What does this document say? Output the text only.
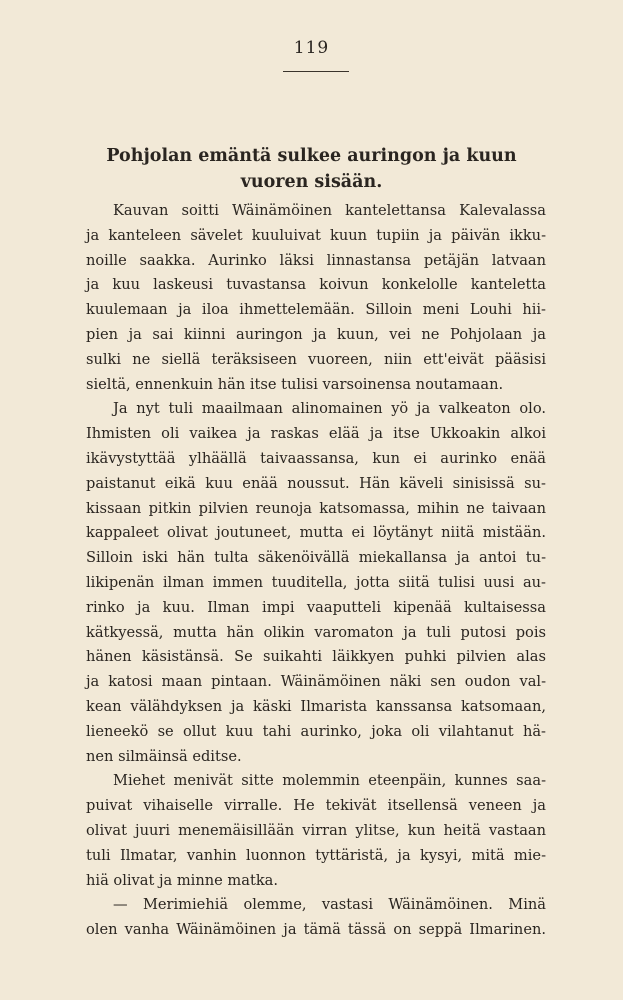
119
Pohjolan emäntä sulkee auringon ja kuun
vuoren sisään.
Kauvan soitti Wäinämöinen kantelettansa Kalevalassa
ja kanteleen sävelet kuuluivat kuun tupiin ja päivän ikku-
noille saakka. Aurinko läksi linnastansa petäjän latvaan
ja kuu laskeusi tuvastansa koivun konkelolle kanteletta
kuulemaan ja iloa ihmettelemään. Silloin meni Louhi hii-
pien ja sai kiinni auringon ja kuun, vei ne Pohjolaan ja
sulki ne siellä teräksiseen vuoreen, niin ett'eivät pääsisi
sieltä, ennenkuin hän itse tulisi varsoinensa noutamaan.
Ja nyt tuli maailmaan alinomainen yö ja valkeaton olo.
Ihmisten oli vaikea ja raskas elää ja itse Ukkoakin alkoi
ikävystyttää ylhäällä taivaassansa, kun ei aurinko enää
paistanut eikä kuu enää noussut. Hän käveli sinisissä su-
kissaan pitkin pilvien reunoja katsomassa, mihin ne taivaan
kappaleet olivat joutuneet, mutta ei löytänyt niitä mistään.
Silloin iski hän tulta säkenöivällä miekallansa ja antoi tu-
likipenän ilman immen tuuditella, jotta siitä tulisi uusi au-
rinko ja kuu. Ilman impi vaaputteli kipenää kultaisessa
kätkyessä, mutta hän olikin varomaton ja tuli putosi pois
hänen käsistänsä. Se suikahti läikkyen puhki pilvien alas
ja katosi maan pintaan. Wäinämöinen näki sen oudon val-
kean välähdyksen ja käski Ilmarista kanssansa katsomaan,
lieneekö se ollut kuu tahi aurinko, joka oli vilahtanut hä-
nen silmäinsä editse.
Miehet menivät sitte molemmin eteenpäin, kunnes saa-
puivat vihaiselle virralle. He tekivät itsellensä veneen ja
olivat juuri menemäisillään virran ylitse, kun heitä vastaan
tuli Ilmatar, vanhin luonnon tyttäristä, ja kysyi, mitä mie-
hiä olivat ja minne matka.
— Merimiehiä olemme, vastasi Wäinämöinen. Minä
olen vanha Wäinämöinen ja tämä tässä on seppä Ilmarinen.
